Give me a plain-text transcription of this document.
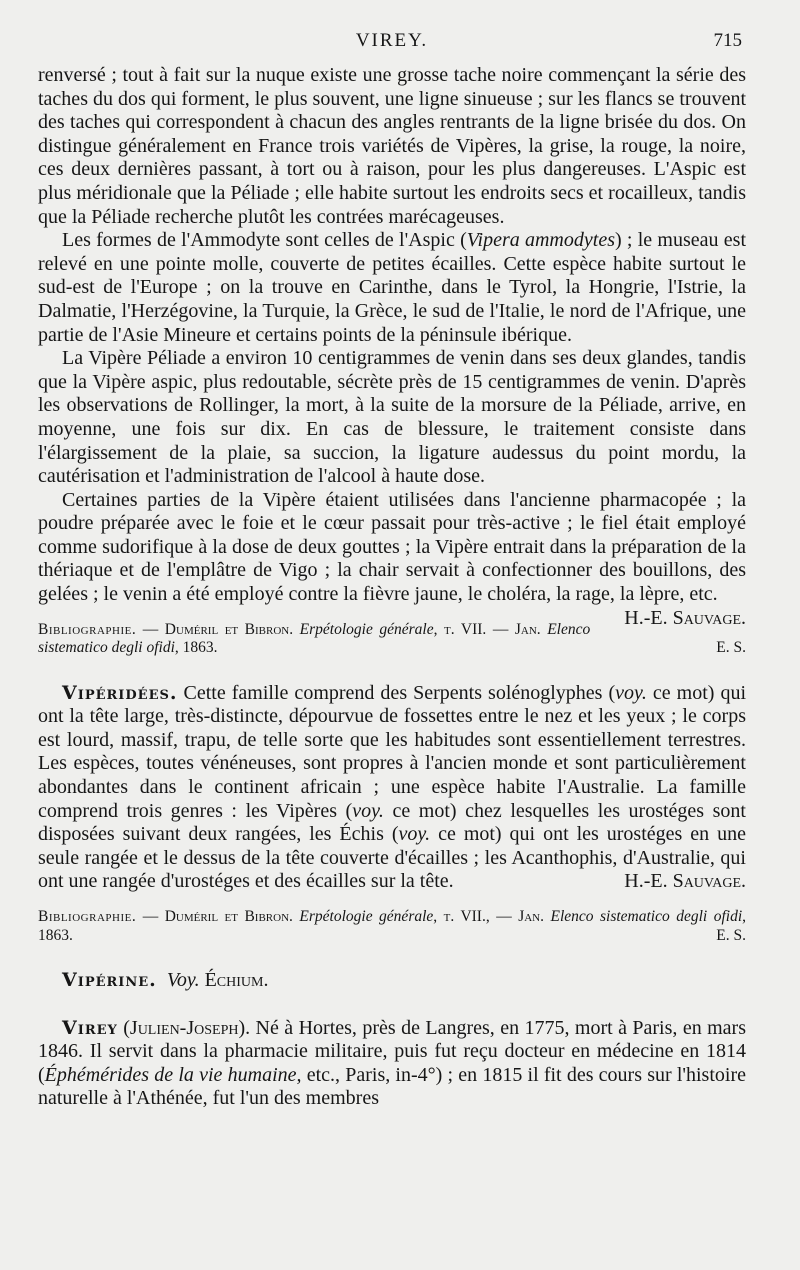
VIREY.	715

renversé ; tout à fait sur la nuque existe une grosse tache noire commençant la série des taches du dos qui forment, le plus souvent, une ligne sinueuse ; sur les flancs se trouvent des taches qui correspondent à chacun des angles rentrants de la ligne brisée du dos. On distingue généralement en France trois variétés de Vipères, la grise, la rouge, la noire, ces deux dernières passant, à tort ou à raison, pour les plus dangereuses. L'Aspic est plus méridionale que la Péliade ; elle habite surtout les endroits secs et rocailleux, tandis que la Péliade recherche plutôt les contrées marécageuses.

Les formes de l'Ammodyte sont celles de l'Aspic (Vipera ammodytes) ; le museau est relevé en une pointe molle, couverte de petites écailles. Cette espèce habite surtout le sud-est de l'Europe ; on la trouve en Carinthe, dans le Tyrol, la Hongrie, l'Istrie, la Dalmatie, l'Herzégovine, la Turquie, la Grèce, le sud de l'Italie, le nord de l'Afrique, une partie de l'Asie Mineure et certains points de la péninsule ibérique.

La Vipère Péliade a environ 10 centigrammes de venin dans ses deux glandes, tandis que la Vipère aspic, plus redoutable, sécrète près de 15 centigrammes de venin. D'après les observations de Rollinger, la mort, à la suite de la morsure de la Péliade, arrive, en moyenne, une fois sur dix. En cas de blessure, le traitement consiste dans l'élargissement de la plaie, sa succion, la ligature audessus du point mordu, la cautérisation et l'administration de l'alcool à haute dose.

Certaines parties de la Vipère étaient utilisées dans l'ancienne pharmacopée ; la poudre préparée avec le foie et le cœur passait pour très-active ; le fiel était employé comme sudorifique à la dose de deux gouttes ; la Vipère entrait dans la préparation de la thériaque et de l'emplâtre de Vigo ; la chair servait à confectionner des bouillons, des gelées ; le venin a été employé contre la fièvre jaune, le choléra, la rage, la lèpre, etc.
H.-E. Sauvage.

Bibliographie. — Duméril et Bibron. Erpétologie générale, t. VII. — Jan. Elenco sistematico degli ofidi, 1863.	E. S.

Vipéridées. Cette famille comprend des Serpents solénoglyphes (voy. ce mot) qui ont la tête large, très-distincte, dépourvue de fossettes entre le nez et les yeux ; le corps est lourd, massif, trapu, de telle sorte que les habitudes sont essentiellement terrestres. Les espèces, toutes vénéneuses, sont propres à l'ancien monde et sont particulièrement abondantes dans le continent africain ; une espèce habite l'Australie. La famille comprend trois genres : les Vipères (voy. ce mot) chez lesquelles les urostéges sont disposées suivant deux rangées, les Échis (voy. ce mot) qui ont les urostéges en une seule rangée et le dessus de la tête couverte d'écailles ; les Acanthophis, d'Australie, qui ont une rangée d'urostéges et des écailles sur la tête.	H.-E. Sauvage.

Bibliographie. — Duméril et Bibron. Erpétologie générale, t. VII., — Jan. Elenco sistematico degli ofidi, 1863.	E. S.

Vipérine. Voy. Échium.

Virey (Julien-Joseph). Né à Hortes, près de Langres, en 1775, mort à Paris, en mars 1846. Il servit dans la pharmacie militaire, puis fut reçu docteur en médecine en 1814 (Éphémérides de la vie humaine, etc., Paris, in-4°) ; en 1815 il fit des cours sur l'histoire naturelle à l'Athénée, fut l'un des membres
